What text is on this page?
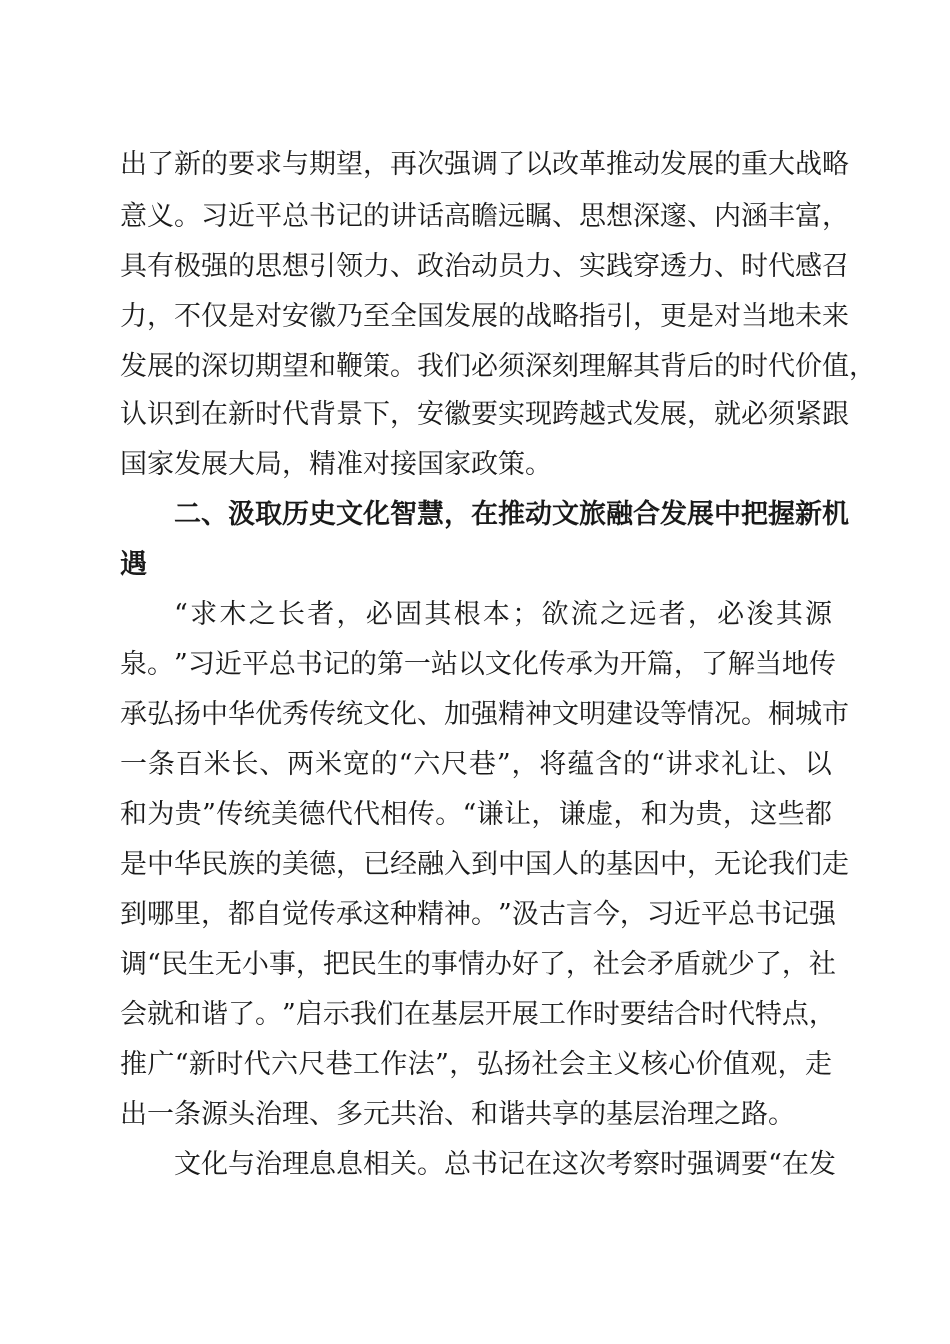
出 了 新 的 要 求 与 期 望 ， 再 次 强 调 了 以 改 革 推 动 发 展 的 重 大 战 略
意 义 。 习 近 平 总 书 记 的 讲 话 高 瞻 远 瞩 、 思 想 深 邃 、 内 涵 丰 富 ，
具 有 极 强 的 思 想 引 领 力 、 政 治 动 员 力 、 实 践 穿 透 力 、 时 代 感 召
力 ， 不 仅 是 对 安 徽 乃 至 全 国 发 展 的 战 略 指 引 ， 更 是 对 当 地 未 来
发 展 的 深 切 期 望 和 鞭 策 。 我 们 必 须 深 刻 理 解 其 背 后 的 时 代 价 值 ，
认 识 到 在 新 时 代 背 景 下 ， 安 徽 要 实 现 跨 越 式 发 展 ， 就 必 须 紧 跟
国家发展大局，精准对接国家政策。
二 、 汲 取 历 史 文 化 智 慧 ， 在 推 动 文 旅 融 合 发 展 中 把 握 新 机
遇
“ 求 木 之 长 者 ， 必 固 其 根 本 ； 欲 流 之 远 者 ， 必 浚 其 源
泉 。 ” 习 近 平 总 书 记 的 第 一 站 以 文 化 传 承 为 开 篇 ， 了 解 当 地 传
承 弘 扬 中 华 优 秀 传 统 文 化 、 加 强 精 神 文 明 建 设 等 情 况 。 桐 城 市
一 条 百 米 长 、 两 米 宽 的 “ 六 尺 巷 ” ， 将 蕴 含 的 “ 讲 求 礼 让 、 以
和 为 贵 ” 传 统 美 德 代 代 相 传 。 “ 谦 让 ， 谦 虚 ， 和 为 贵 ， 这 些 都
是 中 华 民 族 的 美 德 ， 已 经 融 入 到 中 国 人 的 基 因 中 ， 无 论 我 们 走
到 哪 里 ， 都 自 觉 传 承 这 种 精 神 。 ” 汲 古 言 今 ， 习 近 平 总 书 记 强
调 “ 民 生 无 小 事 ， 把 民 生 的 事 情 办 好 了 ， 社 会 矛 盾 就 少 了 ， 社
会 就 和 谐 了 。 ” 启 示 我 们 在 基 层 开 展 工 作 时 要 结 合 时 代 特 点 ，
推 广 “ 新 时 代 六 尺 巷 工 作 法 ” ， 弘 扬 社 会 主 义 核 心 价 值 观 ， 走
出一条源头治理、多元共治、和谐共享的基层治理之路。
文 化 与 治 理 息 息 相 关 。 总 书 记 在 这 次 考 察 时 强 调 要 “ 在 发
